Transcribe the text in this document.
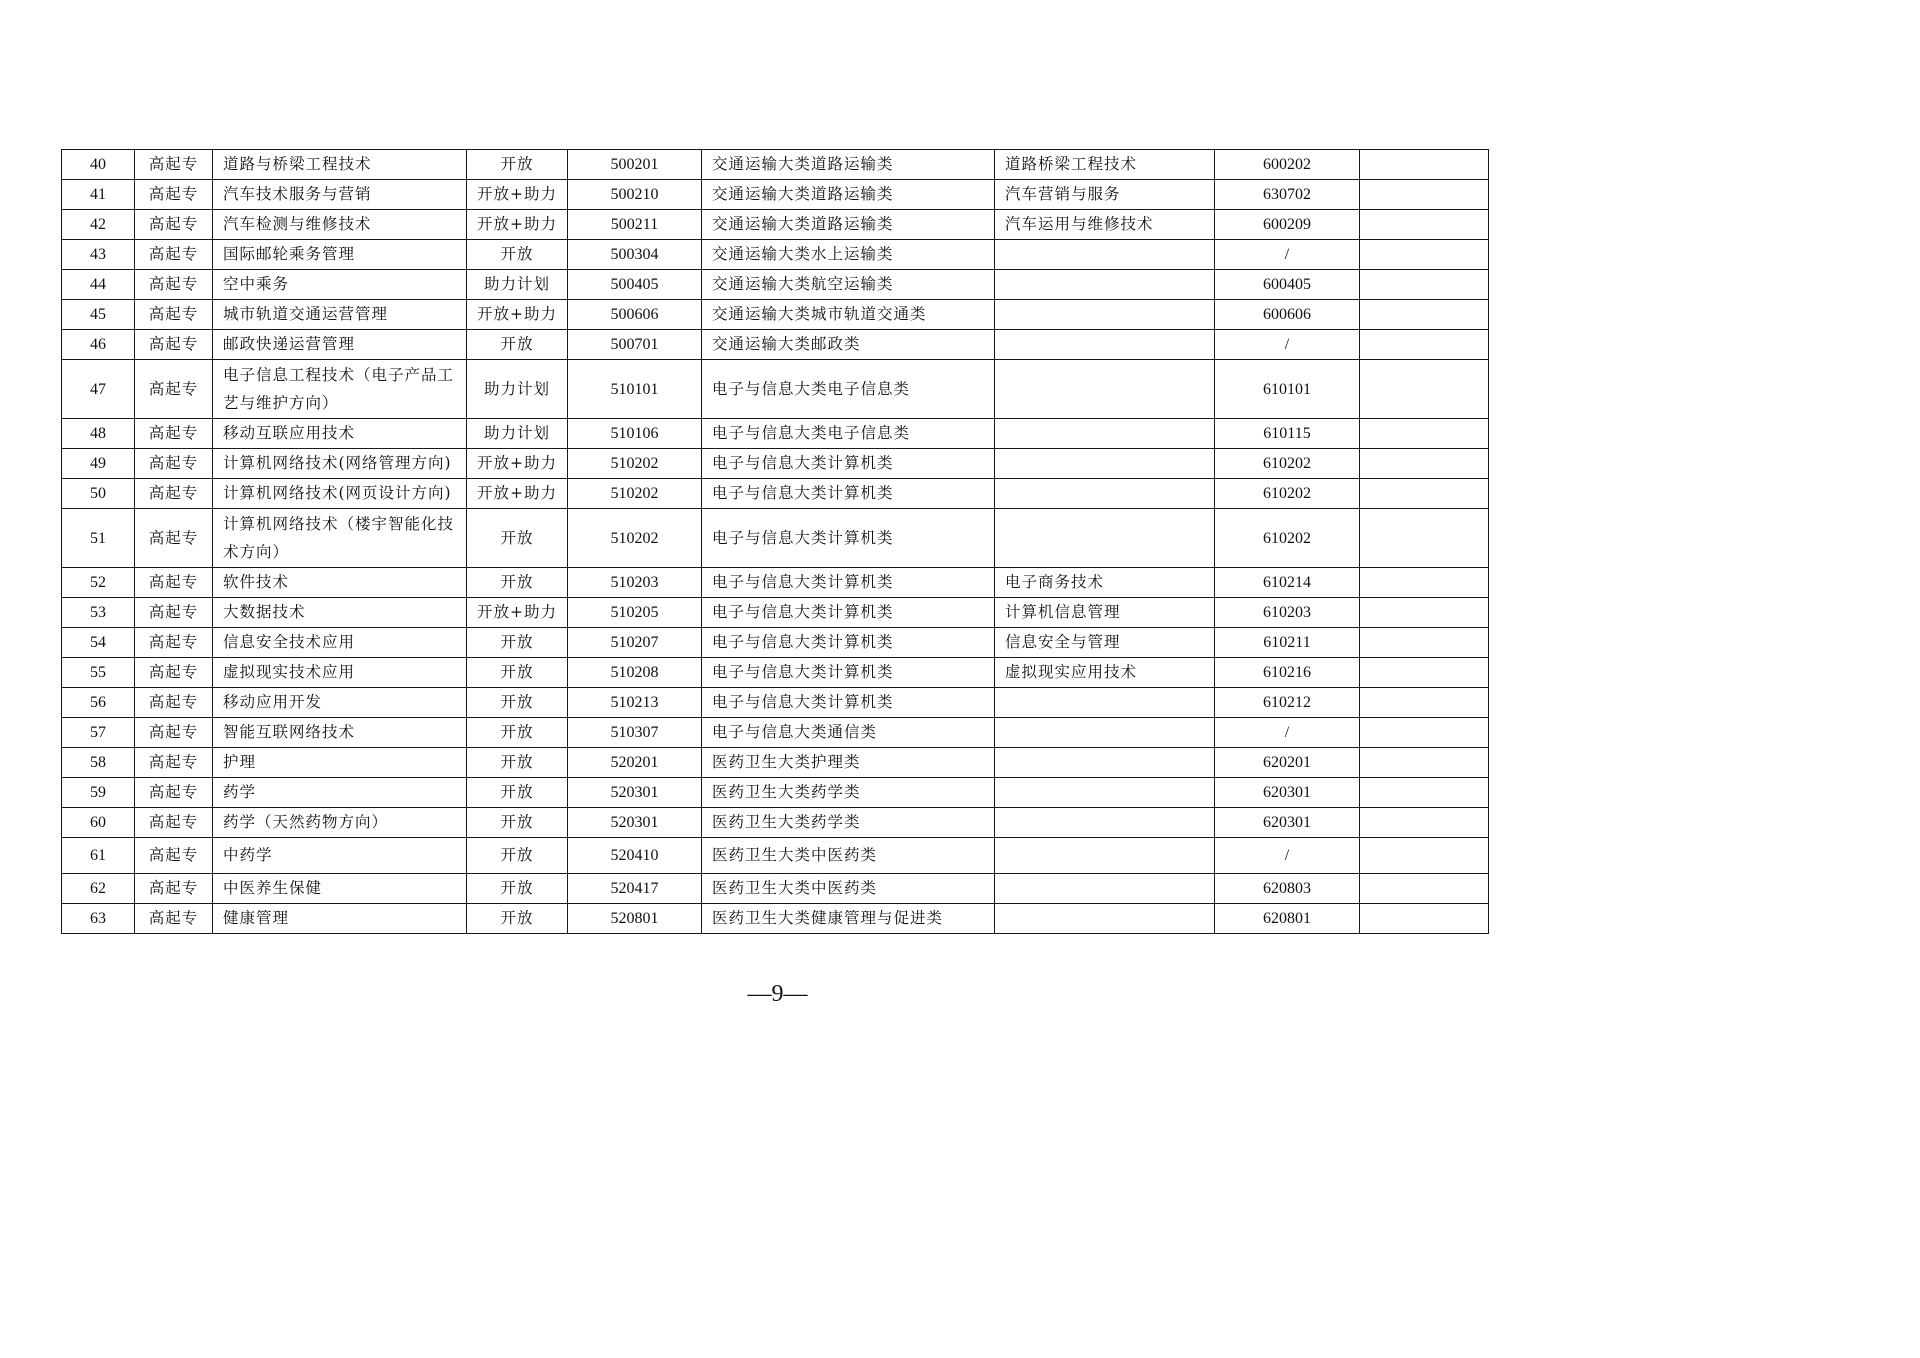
40	高起专	道路与桥梁工程技术	开放	500201	交通运输大类道路运输类	道路桥梁工程技术	600202	
41	高起专	汽车技术服务与营销	开放+助力	500210	交通运输大类道路运输类	汽车营销与服务	630702	
42	高起专	汽车检测与维修技术	开放+助力	500211	交通运输大类道路运输类	汽车运用与维修技术	600209	
43	高起专	国际邮轮乘务管理	开放	500304	交通运输大类水上运输类		/	
44	高起专	空中乘务	助力计划	500405	交通运输大类航空运输类		600405	
45	高起专	城市轨道交通运营管理	开放+助力	500606	交通运输大类城市轨道交通类		600606	
46	高起专	邮政快递运营管理	开放	500701	交通运输大类邮政类		/	
47	高起专	电子信息工程技术（电子产品工艺与维护方向）	助力计划	510101	电子与信息大类电子信息类		610101	
48	高起专	移动互联应用技术	助力计划	510106	电子与信息大类电子信息类		610115	
49	高起专	计算机网络技术(网络管理方向)	开放+助力	510202	电子与信息大类计算机类		610202	
50	高起专	计算机网络技术(网页设计方向)	开放+助力	510202	电子与信息大类计算机类		610202	
51	高起专	计算机网络技术（楼宇智能化技术方向）	开放	510202	电子与信息大类计算机类		610202	
52	高起专	软件技术	开放	510203	电子与信息大类计算机类	电子商务技术	610214	
53	高起专	大数据技术	开放+助力	510205	电子与信息大类计算机类	计算机信息管理	610203	
54	高起专	信息安全技术应用	开放	510207	电子与信息大类计算机类	信息安全与管理	610211	
55	高起专	虚拟现实技术应用	开放	510208	电子与信息大类计算机类	虚拟现实应用技术	610216	
56	高起专	移动应用开发	开放	510213	电子与信息大类计算机类		610212	
57	高起专	智能互联网络技术	开放	510307	电子与信息大类通信类		/	
58	高起专	护理	开放	520201	医药卫生大类护理类		620201	
59	高起专	药学	开放	520301	医药卫生大类药学类		620301	
60	高起专	药学（天然药物方向）	开放	520301	医药卫生大类药学类		620301	
61	高起专	中药学	开放	520410	医药卫生大类中医药类		/	
62	高起专	中医养生保健	开放	520417	医药卫生大类中医药类		620803	
63	高起专	健康管理	开放	520801	医药卫生大类健康管理与促进类		620801	
—9—
